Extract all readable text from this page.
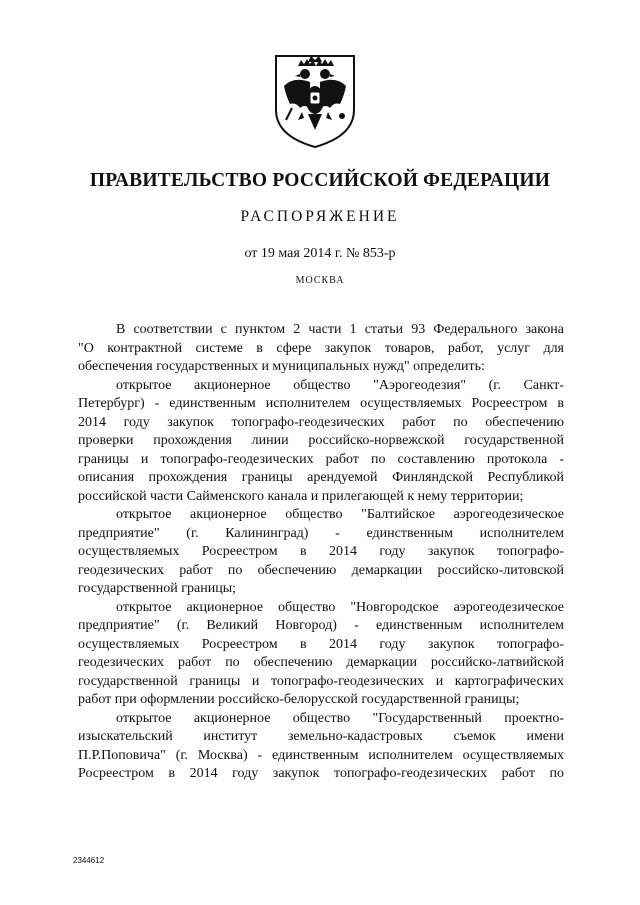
ПРАВИТЕЛЬСТВО РОССИЙСКОЙ ФЕДЕРАЦИИ
РАСПОРЯЖЕНИЕ
от 19 мая 2014 г. № 853-р
МОСКВА
В соответствии с пунктом 2 части 1 статьи 93 Федерального закона
"О контрактной системе в сфере закупок товаров, работ, услуг для
обеспечения государственных и муниципальных нужд" определить:
открытое акционерное общество "Аэрогеодезия" (г. Санкт-
Петербург) - единственным исполнителем осуществляемых Росреестром в
2014 году закупок топографо-геодезических работ по обеспечению
проверки прохождения линии российско-норвежской государственной
границы и топографо-геодезических работ по составлению протокола -
описания прохождения границы арендуемой Финляндской Республикой
российской части Сайменского канала и прилегающей к нему территории;
открытое акционерное общество "Балтийское аэрогеодезическое
предприятие" (г. Калининград) - единственным исполнителем
осуществляемых Росреестром в 2014 году закупок топографо-
геодезических работ по обеспечению демаркации российско-литовской
государственной границы;
открытое акционерное общество "Новгородское аэрогеодезическое
предприятие" (г. Великий Новгород) - единственным исполнителем
осуществляемых Росреестром в 2014 году закупок топографо-
геодезических работ по обеспечению демаркации российско-латвийской
государственной границы и топографо-геодезических и картографических
работ при оформлении российско-белорусской государственной границы;
открытое акционерное общество "Государственный проектно-
изыскательский институт земельно-кадастровых съемок имени
П.Р.Поповича" (г. Москва) - единственным исполнителем осуществляемых
Росреестром в 2014 году закупок топографо-геодезических работ по
2344612
